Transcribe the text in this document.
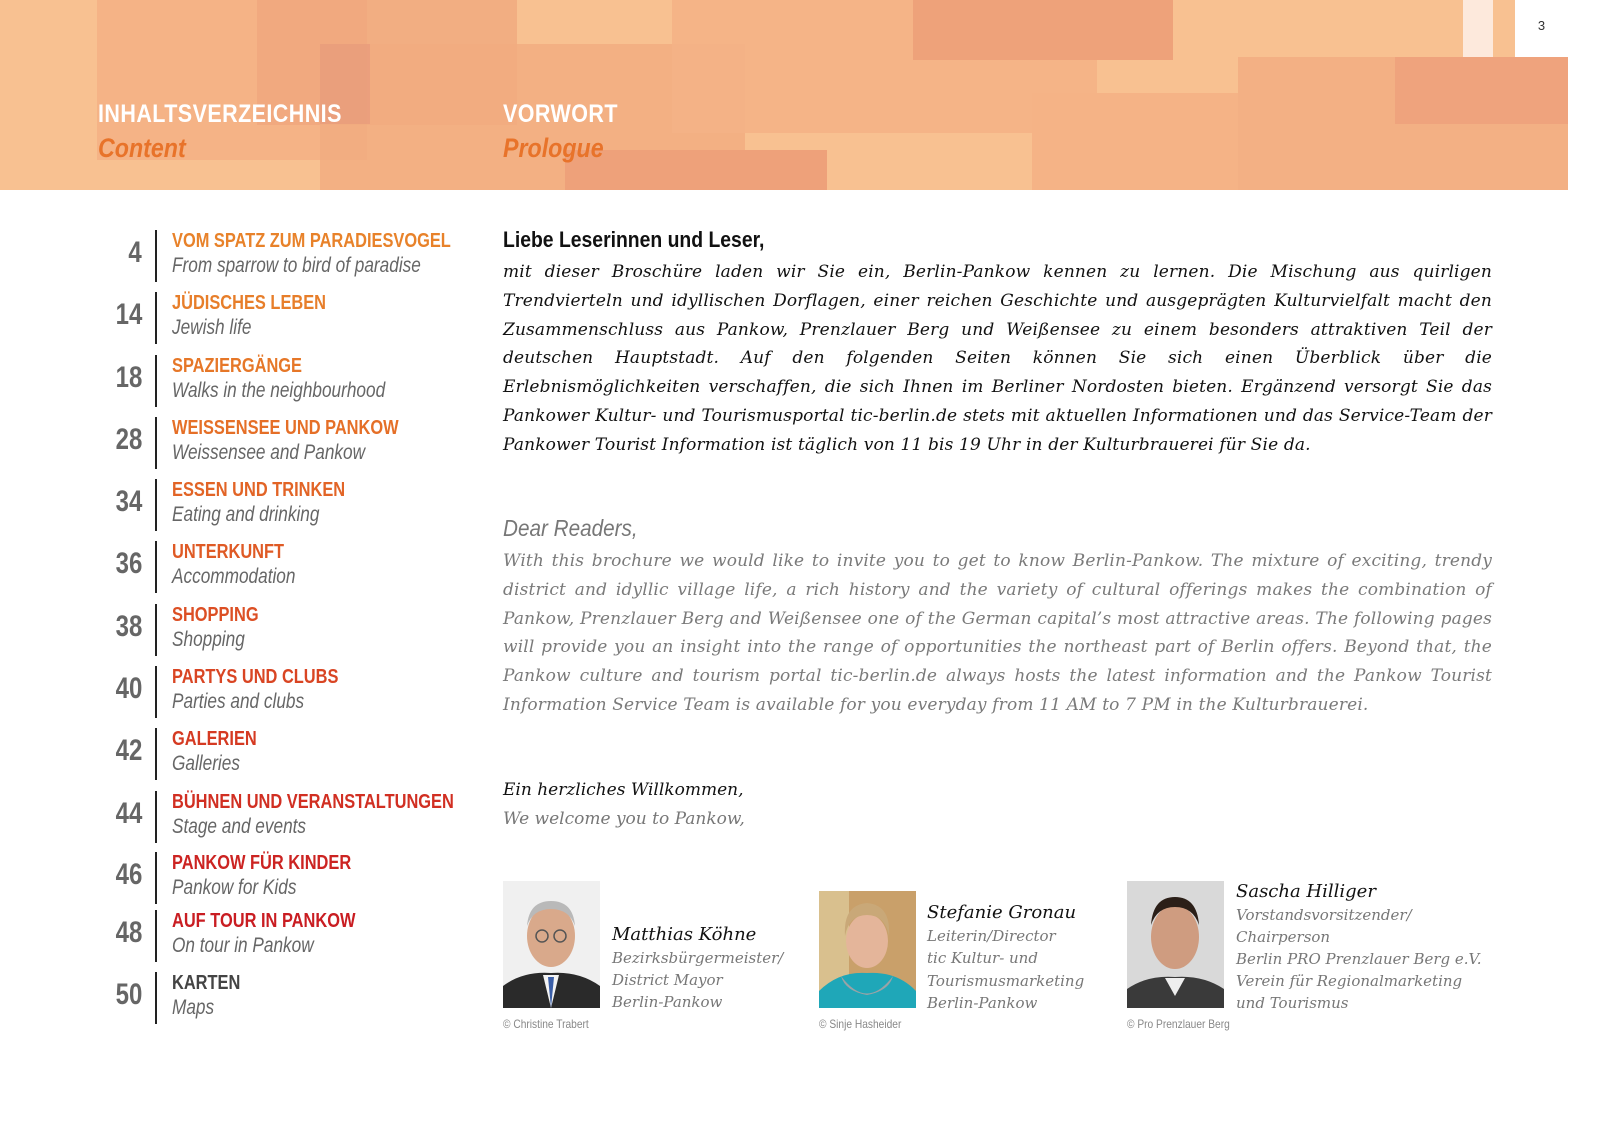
3
INHALTSVERZEICHNIS
Content
VORWORT
Prologue
4 VOM SPATZ ZUM PARADIESVOGEL
From sparrow to bird of paradise
14 JÜDISCHES LEBEN
Jewish life
18 SPAZIERGÄNGE
Walks in the neighbourhood
28 WEISSENSEE UND PANKOW
Weissensee and Pankow
34 ESSEN UND TRINKEN
Eating and drinking
36 UNTERKUNFT
Accommodation
38 SHOPPING
Shopping
40 PARTYS UND CLUBS
Parties and clubs
42 GALERIEN
Galleries
44 BÜHNEN UND VERANSTALTUNGEN
Stage and events
46 PANKOW FÜR KINDER
Pankow for Kids
48 AUF TOUR IN PANKOW
On tour in Pankow
50 KARTEN
Maps
Liebe Leserinnen und Leser,

mit dieser Broschüre laden wir Sie ein, Berlin-Pankow kennen zu lernen. Die Mischung aus quirligen Trendvierteln und idyllischen Dorflagen, einer reichen Geschichte und ausgeprägten Kulturvielfalt macht den Zusammenschluss aus Pankow, Prenzlauer Berg und Weißensee zu einem besonders attraktiven Teil der deutschen Hauptstadt. Auf den folgenden Seiten können Sie sich einen Überblick über die Erlebnismöglichkeiten verschaffen, die sich Ihnen im Berliner Nordosten bieten. Ergänzend versorgt Sie das Pankower Kultur- und Tourismusportal tic-berlin.de stets mit aktuellen Informationen und das Service-Team der Pankower Tourist Information ist täglich von 11 bis 19 Uhr in der Kulturbrauerei für Sie da.

Dear Readers,

With this brochure we would like to invite you to get to know Berlin-Pankow. The mixture of exciting, trendy district and idyllic village life, a rich history and the variety of cultural offerings makes the combination of Pankow, Prenzlauer Berg and Weißensee one of the German capital’s most attractive areas. The following pages will provide you an insight into the range of opportunities the northeast part of Berlin offers. Beyond that, the Pankow culture and tourism portal tic-berlin.de always hosts the latest information and the Pankow Tourist Information Service Team is available for you everyday from 11 AM to 7 PM in the Kulturbrauerei.

Ein herzliches Willkommen,
We welcome you to Pankow,
Matthias Köhne
Bezirksbürgermeister/
District Mayor
Berlin-Pankow
© Christine Trabert
Stefanie Gronau
Leiterin/Director
tic Kultur- und
Tourismusmarketing
Berlin-Pankow
© Sinje Hasheider
Sascha Hilliger
Vorstandsvorsitzender/
Chairperson
Berlin PRO Prenzlauer Berg e.V.
Verein für Regionalmarketing
und Tourismus
© Pro Prenzlauer Berg
